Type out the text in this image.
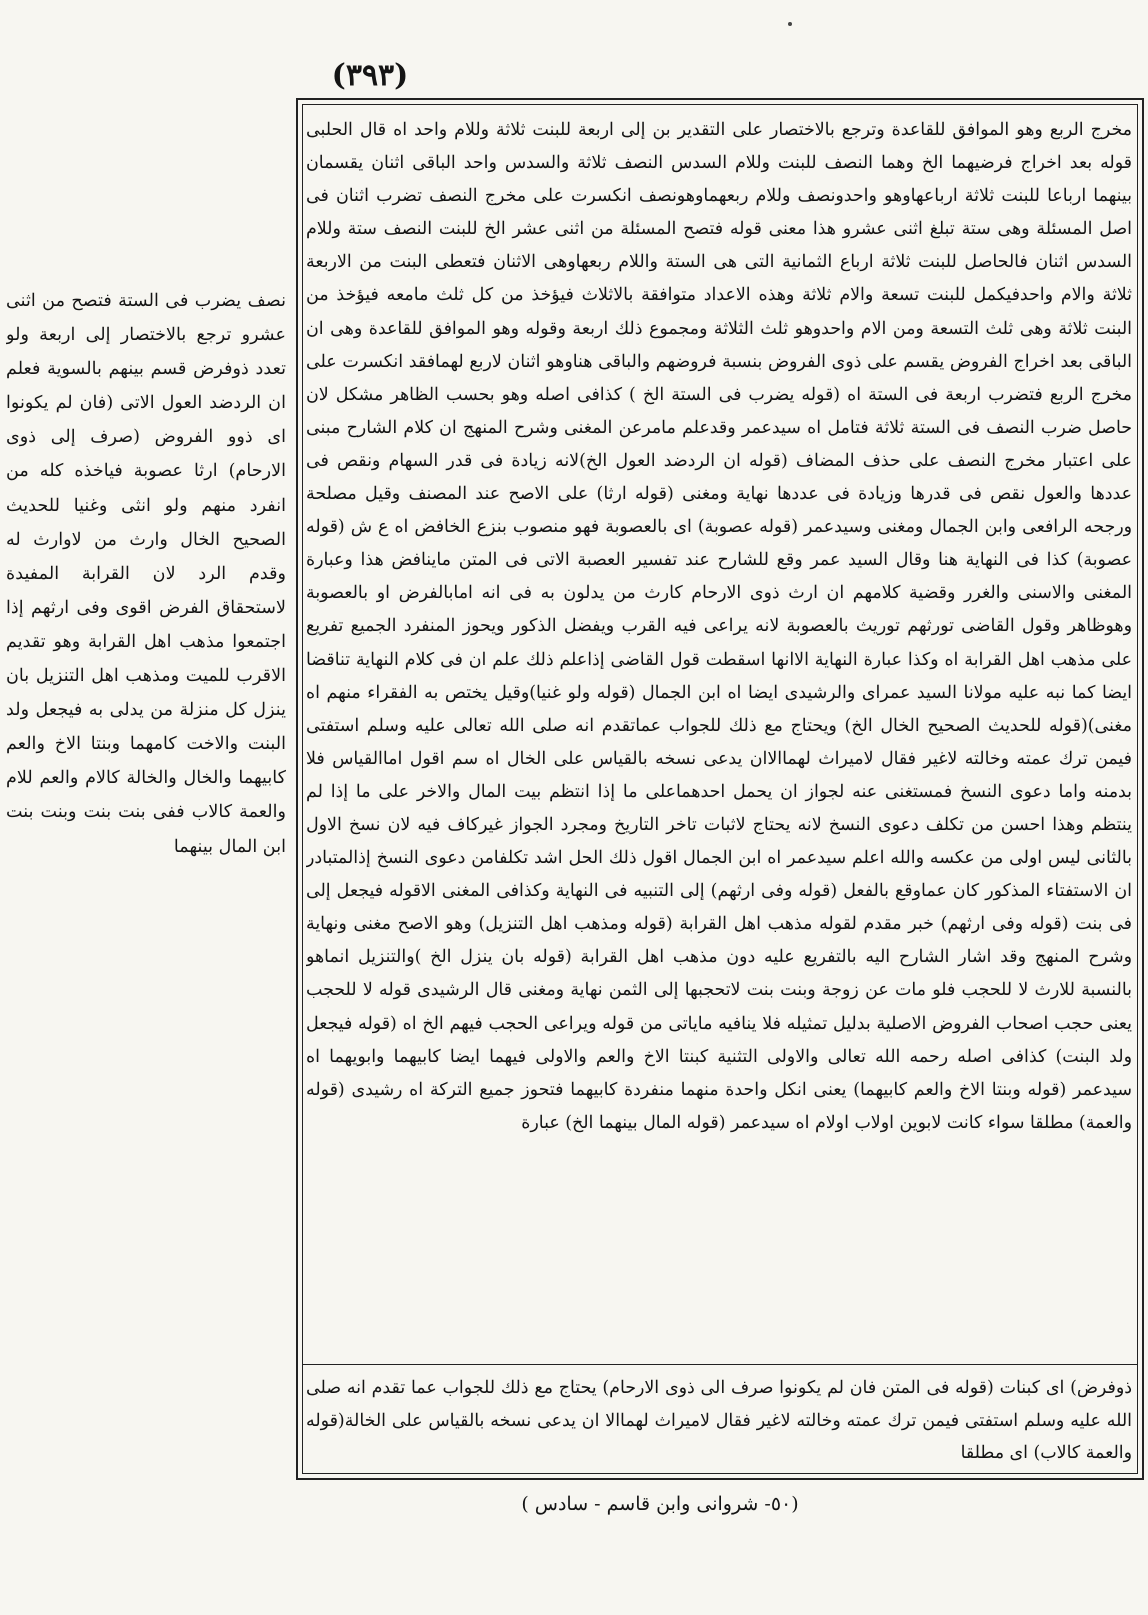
(٣٩٣)

نصف يضرب فى الستة فتصح من اثنى عشرو ترجع بالاختصار إلى اربعة ولو تعدد ذوفرض قسم بينهم بالسوية فعلم ان الردضد العول الاتى (فان لم يكونوا اى ذوو الفروض (صرف إلى ذوى الارحام) ارثا عصوبة فياخذه كله من انفرد منهم ولو انثى وغنيا للحديث الصحيح الخال وارث من لاوارث له وقدم الرد لان القرابة المفيدة لاستحقاق الفرض اقوى وفى ارثهم إذا اجتمعوا مذهب اهل القرابة وهو تقديم الاقرب للميت ومذهب اهل التنزيل بان ينزل كل منزلة من يدلى به فيجعل ولد البنت والاخت كامهما وبنتا الاخ والعم كابيهما والخال والخالة كالام والعم للام والعمة كالاب ففى بنت بنت وبنت بنت ابن المال بينهما

مخرج الربع وهو الموافق للقاعدة وترجع بالاختصار على التقدير بن إلى اربعة للبنت ثلاثة وللام واحد اه قال الحلبى قوله بعد اخراج فرضيهما الخ وهما النصف للبنت وللام السدس النصف ثلاثة والسدس واحد الباقى اثنان يقسمان بينهما ارباعا للبنت ثلاثة ارباعهاوهو واحدونصف وللام ربعهماوهونصف انكسرت على مخرج النصف تضرب اثنان فى اصل المسئلة وهى ستة تبلغ اثنى عشرو هذا معنى قوله فتصح المسئلة من اثنى عشر الخ للبنت النصف ستة وللام السدس اثنان فالحاصل للبنت ثلاثة ارباع الثمانية التى هى الستة واللام ربعهاوهى الاثنان فتعطى البنت من الاربعة ثلاثة والام واحدفيكمل للبنت تسعة والام ثلاثة وهذه الاعداد متوافقة بالاثلاث فيؤخذ من كل ثلث مامعه فيؤخذ من البنت ثلاثة وهى ثلث التسعة ومن الام واحدوهو ثلث الثلاثة ومجموع ذلك اربعة وقوله وهو الموافق للقاعدة وهى ان الباقى بعد اخراج الفروض يقسم على ذوى الفروض بنسبة فروضهم والباقى هناوهو اثنان لاربع لهمافقد انكسرت على مخرج الربع فتضرب اربعة فى الستة اه (قوله يضرب فى الستة الخ ) كذافى اصله وهو بحسب الظاهر مشكل لان حاصل ضرب النصف فى الستة ثلاثة فتامل اه سيدعمر وقدعلم مامرعن المغنى وشرح المنهج ان كلام الشارح مبنى على اعتبار مخرج النصف على حذف المضاف (قوله ان الردضد العول الخ)لانه زيادة فى قدر السهام ونقص فى عددها والعول نقص فى قدرها وزيادة فى عددها نهاية ومغنى (قوله ارثا) على الاصح عند المصنف وقيل مصلحة ورجحه الرافعى وابن الجمال ومغنى وسيدعمر (قوله عصوبة) اى بالعصوبة فهو منصوب بنزع الخافض اه ع ش (قوله عصوبة) كذا فى النهاية هنا وقال السيد عمر وقع للشارح عند تفسير العصبة الاتى فى المتن ماينافض هذا وعبارة المغنى والاسنى والغرر وقضية كلامهم ان ارث ذوى الارحام كارث من يدلون به فى انه امابالفرض او بالعصوبة وهوظاهر وقول القاضى تورثهم توريث بالعصوبة لانه يراعى فيه القرب ويفضل الذكور ويحوز المنفرد الجميع تفريع على مذهب اهل القرابة اه وكذا عبارة النهاية الاانها اسقطت قول القاضى إذاعلم ذلك علم ان فى كلام النهاية تناقضا ايضا كما نبه عليه مولانا السيد عمراى والرشيدى ايضا اه ابن الجمال (قوله ولو غنيا)وقيل يختص به الفقراء منهم اه مغنى)(قوله للحديث الصحيح الخال الخ) ويحتاج مع ذلك للجواب عماتقدم انه صلى الله تعالى عليه وسلم استفتى فيمن ترك عمته وخالته لاغير فقال لاميراث لهماالاان يدعى نسخه بالقياس على الخال اه سم اقول اماالقياس فلا بدمنه واما دعوى النسخ فمستغنى عنه لجواز ان يحمل احدهماعلى ما إذا انتظم بيت المال والاخر على ما إذا لم ينتظم وهذا احسن من تكلف دعوى النسخ لانه يحتاج لاثبات تاخر التاريخ ومجرد الجواز غيركاف فيه لان نسخ الاول بالثانى ليس اولى من عكسه والله اعلم سيدعمر اه ابن الجمال اقول ذلك الحل اشد تكلفامن دعوى النسخ إذالمتبادر ان الاستفتاء المذكور كان عماوقع بالفعل (قوله وفى ارثهم) إلى التنبيه فى النهاية وكذافى المغنى الاقوله فيجعل إلى فى بنت (قوله وفى ارثهم) خبر مقدم لقوله مذهب اهل القرابة (قوله ومذهب اهل التنزيل) وهو الاصح مغنى ونهاية وشرح المنهج وقد اشار الشارح اليه بالتفريع عليه دون مذهب اهل القرابة (قوله بان ينزل الخ )والتنزيل انماهو بالنسبة للارث لا للحجب فلو مات عن زوجة وبنت بنت لاتحجبها إلى الثمن نهاية ومغنى قال الرشيدى قوله لا للحجب يعنى حجب اصحاب الفروض الاصلية بدليل تمثيله فلا ينافيه ماياتى من قوله ويراعى الحجب فيهم الخ اه (قوله فيجعل ولد البنت) كذافى اصله رحمه الله تعالى والاولى التثنية كبنتا الاخ والعم والاولى فيهما ايضا كابيهما وابويهما اه سيدعمر (قوله وبنتا الاخ والعم كابيهما) يعنى انكل واحدة منهما منفردة كابيهما فتحوز جميع التركة اه رشيدى (قوله والعمة) مطلقا سواء كانت لابوين اولاب اولام اه سيدعمر (قوله المال بينهما الخ) عبارة

ذوفرض) اى كبنات (قوله فى المتن فان لم يكونوا صرف الى ذوى الارحام) يحتاج مع ذلك للجواب عما تقدم انه صلى الله عليه وسلم استفتى فيمن ترك عمته وخالته لاغير فقال لاميراث لهماالا ان يدعى نسخه بالقياس على الخالة(قوله والعمة كالاب) اى مطلقا

(٥٠- شروانى وابن قاسم - سادس )
